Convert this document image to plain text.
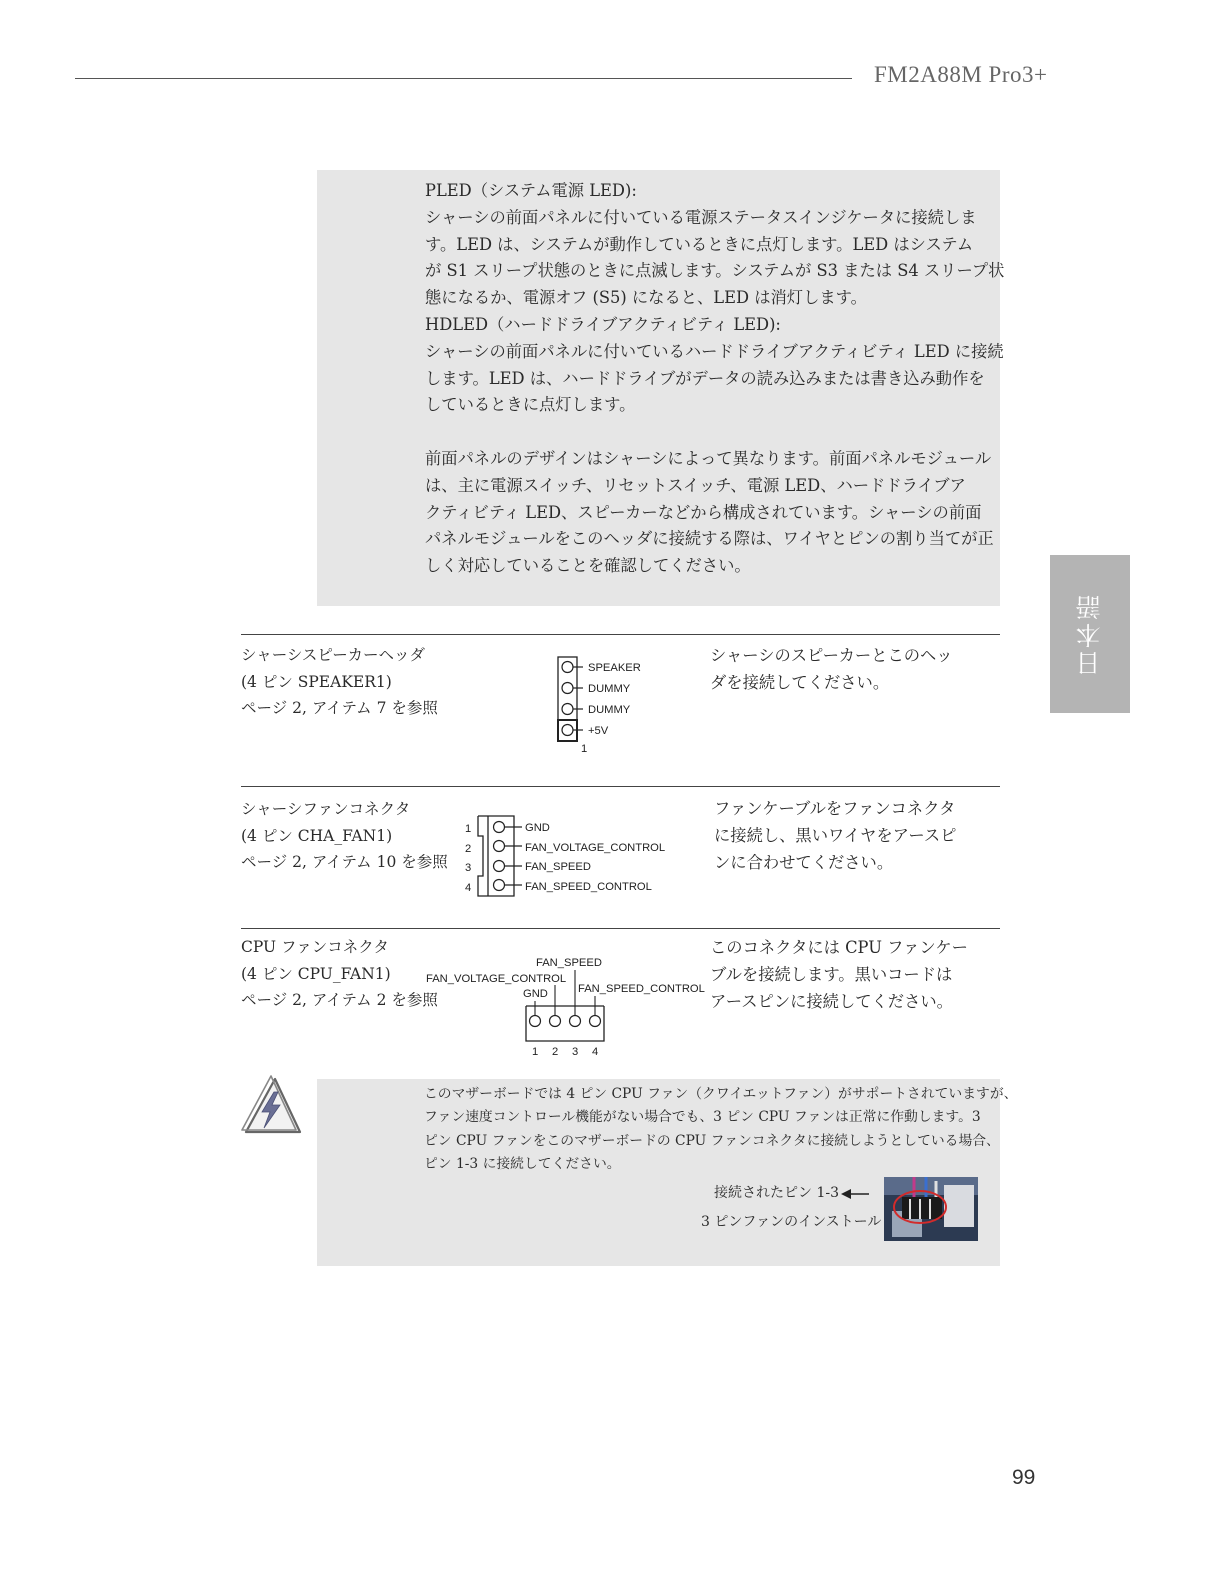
FM2A88M Pro3+
日本語
PLED（システム電源 LED):
シャーシの前面パネルに付いている電源ステータスインジケータに接続しま
す。LED は、システムが動作しているときに点灯します。LED はシステム
が S1 スリープ状態のときに点滅します。システムが S3 または S4 スリープ状
態になるか、電源オフ (S5) になると、LED は消灯します。
HDLED（ハードドライブアクティビティ LED):
シャーシの前面パネルに付いているハードドライブアクティビティ LED に接続
します。LED は、ハードドライブがデータの読み込みまたは書き込み動作を
しているときに点灯します。
前面パネルのデザインはシャーシによって異なります。前面パネルモジュール
は、主に電源スイッチ、リセットスイッチ、電源 LED、ハードドライブア
クティビティ LED、スピーカーなどから構成されています。シャーシの前面
パネルモジュールをこのヘッダに接続する際は、ワイヤとピンの割り当てが正
しく対応していることを確認してください。
シャーシスピーカーヘッダ
(4 ピン SPEAKER1)
ページ 2, アイテム 7 を参照
SPEAKER
DUMMY
DUMMY
+5V
1
シャーシのスピーカーとこのヘッ
ダを接続してください。
シャーシファンコネクタ
(4 ピン CHA_FAN1)
ページ 2, アイテム 10 を参照
1
2
3
4
GND
FAN_VOLTAGE_CONTROL
FAN_SPEED
FAN_SPEED_CONTROL
ファンケーブルをファンコネクタ
に接続し、黒いワイヤをアースピ
ンに合わせてください。
CPU ファンコネクタ
(4 ピン CPU_FAN1)
ページ 2, アイテム 2 を参照
FAN_SPEED
FAN_VOLTAGE_CONTROL
GND	FAN_SPEED_CONTROL
1 2 3 4
このコネクタには CPU ファンケー
ブルを接続します。黒いコードは
アースピンに接続してください。
このマザーボードでは 4 ピン CPU ファン（クワイエットファン）がサポートされていますが、
ファン速度コントロール機能がない場合でも、3 ピン CPU ファンは正常に作動します。3
ピン CPU ファンをこのマザーボードの CPU ファンコネクタに接続しようとしている場合、
ピン 1-3 に接続してください。
接続されたピン 1-3
3 ピンファンのインストール
99
